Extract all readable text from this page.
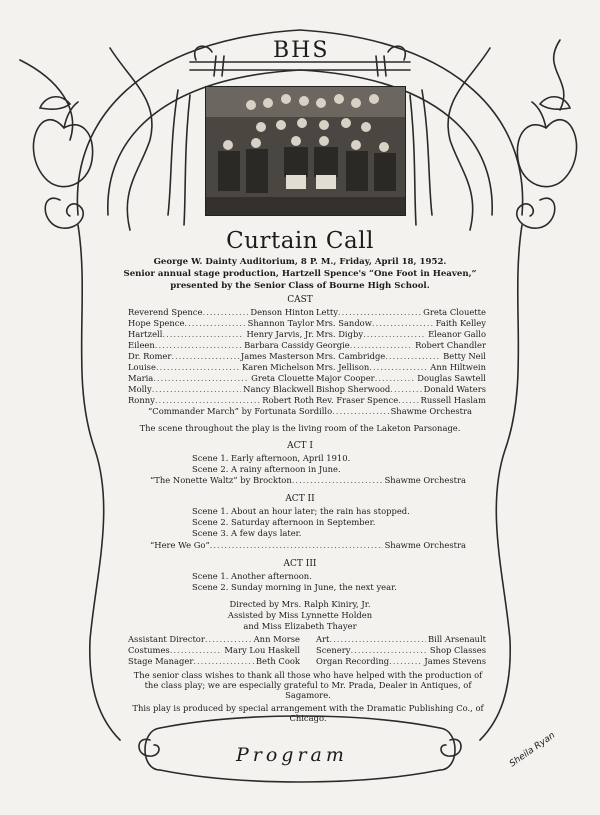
BHS
Curtain Call
George W. Dainty Auditorium, 8 P. M., Friday, April 18, 1952.
Senior annual stage production, Hartzell Spence's “One Foot in Heaven,”
presented by the Senior Class of Bourne High School.
CAST
Reverend Spence .....	Denson Hinton
Hope Spence .....	Shannon Taylor
Hartzell .....	Henry Jarvis, Jr.
Eileen .....	Barbara Cassidy
Dr. Romer .....	James Masterson
Louise .....	Karen Michelson
Maria .....	Greta Clouette
Molly .....	Nancy Blackwell
Ronny .....	Robert Roth
Letty .....	Greta Clouette
Mrs. Sandow .....	Faith Kelley
Mrs. Digby .....	Eleanor Gallo
Georgie .....	Robert Chandler
Mrs. Cambridge .....	Betty Neil
Mrs. Jellison .....	Ann Hiltwein
Major Cooper .....	Douglas Sawtell
Bishop Sherwood .....	Donald Waters
Rev. Fraser Spence .....	Russell Haslam
“Commander March” by Fortunata Sordillo .....	Shawme Orchestra
The scene throughout the play is the living room of the Laketon Parsonage.
ACT I
Scene 1. Early afternoon, April 1910.
Scene 2. A rainy afternoon in June.
“The Nonette Waltz” by Brockton .....	Shawme Orchestra
ACT II
Scene 1. About an hour later; the rain has stopped.
Scene 2. Saturday afternoon in September.
Scene 3. A few days later.
“Here We Go” .....	Shawme Orchestra
ACT III
Scene 1. Another afternoon.
Scene 2. Sunday morning in June, the next year.
Directed by Mrs. Ralph Kiniry, Jr.
Assisted by Miss Lynnette Holden
and Miss Elizabeth Thayer
Assistant Director .....	Ann Morse
Costumes .....	Mary Lou Haskell
Stage Manager .....	Beth Cook
Art .....	Bill Arsenault
Scenery .....	Shop Classes
Organ Recording .....	James Stevens
The senior class wishes to thank all those who have helped with the production of the class play; we are especially grateful to Mr. Prada, Dealer in Antiques, of Sagamore.
This play is produced by special arrangement with the Dramatic Publishing Co., of Chicago.
Program	Sheila Ryan
